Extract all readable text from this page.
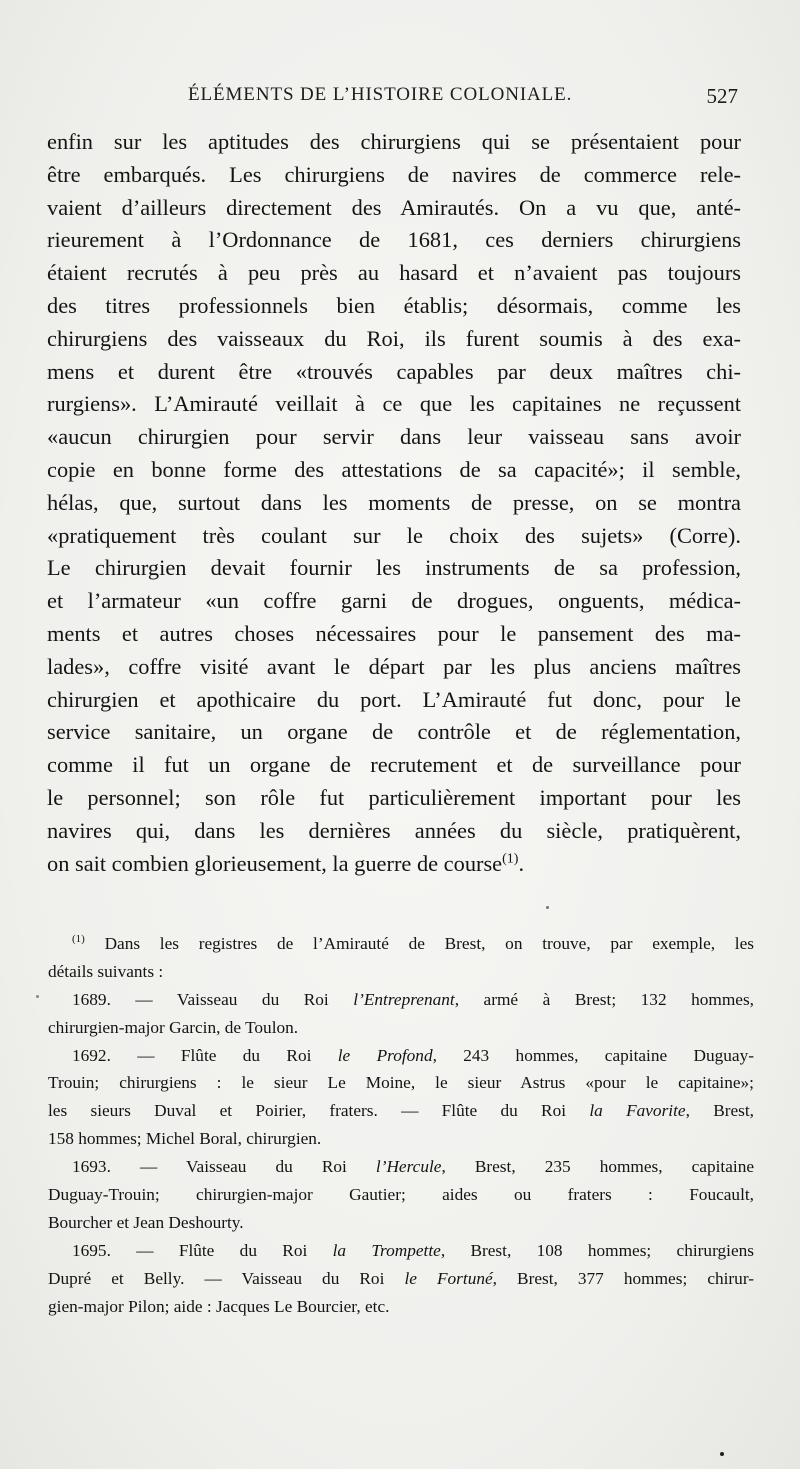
ÉLÉMENTS DE L’HISTOIRE COLONIALE.	527
enfin sur les aptitudes des chirurgiens qui se présentaient pour
être embarqués. Les chirurgiens de navires de commerce rele-
vaient d’ailleurs directement des Amirautés. On a vu que, anté-
rieurement à l’Ordonnance de 1681, ces derniers chirurgiens
étaient recrutés à peu près au hasard et n’avaient pas toujours
des titres professionnels bien établis; désormais, comme les
chirurgiens des vaisseaux du Roi, ils furent soumis à des exa-
mens et durent être «trouvés capables par deux maîtres chi-
rurgiens». L’Amirauté veillait à ce que les capitaines ne reçussent
«aucun chirurgien pour servir dans leur vaisseau sans avoir
copie en bonne forme des attestations de sa capacité»; il semble,
hélas, que, surtout dans les moments de presse, on se montra
«pratiquement très coulant sur le choix des sujets» (Corre).
Le chirurgien devait fournir les instruments de sa profession,
et l’armateur «un coffre garni de drogues, onguents, médica-
ments et autres choses nécessaires pour le pansement des ma-
lades», coffre visité avant le départ par les plus anciens maîtres
chirurgien et apothicaire du port. L’Amirauté fut donc, pour le
service sanitaire, un organe de contrôle et de réglementation,
comme il fut un organe de recrutement et de surveillance pour
le personnel; son rôle fut particulièrement important pour les
navires qui, dans les dernières années du siècle, pratiquèrent,
on sait combien glorieusement, la guerre de course$^{(1)}$.
$^{(1)}$ Dans les registres de l’Amirauté de Brest, on trouve, par exemple, les
détails suivants :
1689. — Vaisseau du Roi l’Entreprenant, armé à Brest; 132 hommes,
chirurgien-major Garcin, de Toulon.
1692. — Flûte du Roi le Profond, 243 hommes, capitaine Duguay-
Trouin; chirurgiens : le sieur Le Moine, le sieur Astrus «pour le capitaine»;
les sieurs Duval et Poirier, fraters. — Flûte du Roi la Favorite, Brest,
158 hommes; Michel Boral, chirurgien.
1693. — Vaisseau du Roi l’Hercule, Brest, 235 hommes, capitaine
Duguay-Trouin; chirurgien-major Gautier; aides ou fraters : Foucault,
Bourcher et Jean Deshourty.
1695. — Flûte du Roi la Trompette, Brest, 108 hommes; chirurgiens
Dupré et Belly. — Vaisseau du Roi le Fortuné, Brest, 377 hommes; chirur-
gien-major Pilon; aide : Jacques Le Bourcier, etc.
